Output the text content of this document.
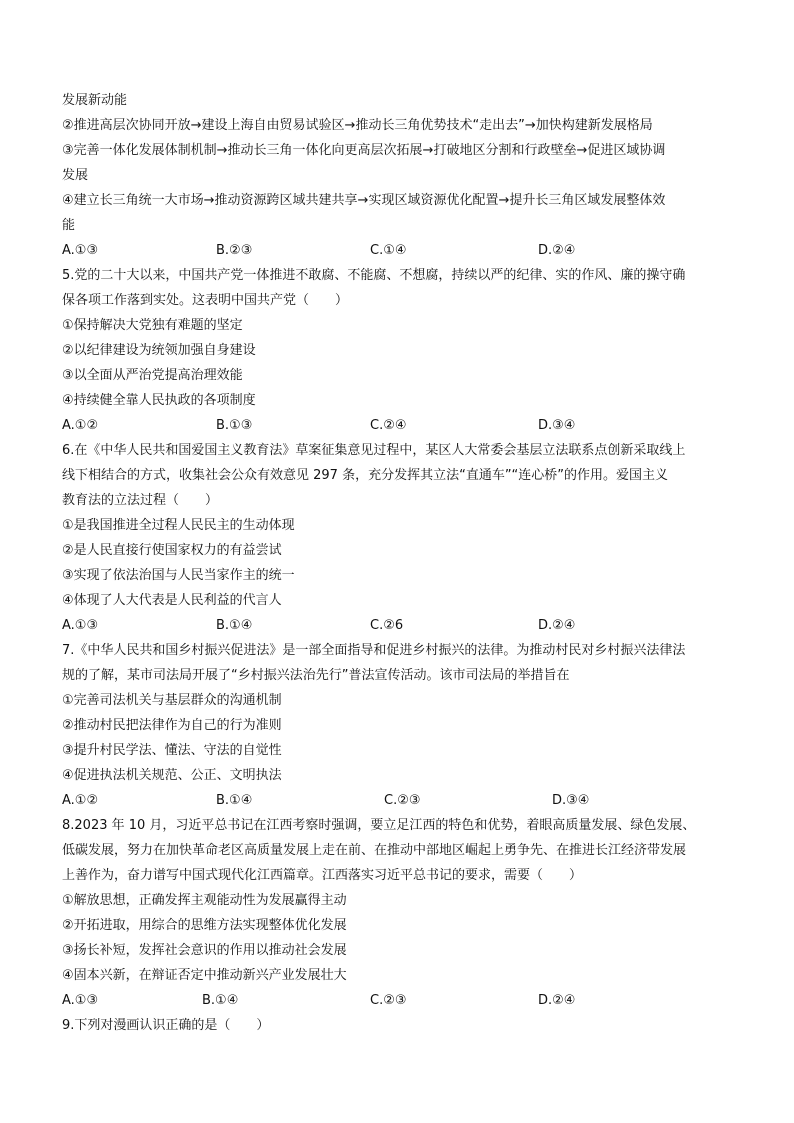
发展新动能
②推进高层次协同开放→建设上海自由贸易试验区→推动长三角优势技术“走出去”→加快构建新发展格局
③完善一体化发展体制机制→推动长三角一体化向更高层次拓展→打破地区分割和行政壁垒→促进区域协调
发展
④建立长三角统一大市场→推动资源跨区域共建共享→实现区域资源优化配置→提升长三角区域发展整体效
能
A.①③	B.②③	C.①④	D.②④
5.党的二十大以来，中国共产党一体推进不敢腐、不能腐、不想腐，持续以严的纪律、实的作风、廉的操守确
保各项工作落到实处。这表明中国共产党（　　）
①保持解决大党独有难题的坚定
②以纪律建设为统领加强自身建设
③以全面从严治党提高治理效能
④持续健全靠人民执政的各项制度
A.①②	B.①③	C.②④	D.③④
6.在《中华人民共和国爱国主义教育法》草案征集意见过程中，某区人大常委会基层立法联系点创新采取线上
线下相结合的方式，收集社会公众有效意见 297 条，充分发挥其立法“直通车”“连心桥”的作用。爱国主义
教育法的立法过程（　　）
①是我国推进全过程人民民主的生动体现
②是人民直接行使国家权力的有益尝试
③实现了依法治国与人民当家作主的统一
④体现了人大代表是人民利益的代言人
A.①③	B.①④	C.②6	D.②④
7.《中华人民共和国乡村振兴促进法》是一部全面指导和促进乡村振兴的法律。为推动村民对乡村振兴法律法
规的了解，某市司法局开展了“乡村振兴法治先行”普法宣传活动。该市司法局的举措旨在
①完善司法机关与基层群众的沟通机制
②推动村民把法律作为自己的行为准则
③提升村民学法、懂法、守法的自觉性
④促进执法机关规范、公正、文明执法
A.①②	B.①④	C.②③	D.③④
8.2023 年 10 月，习近平总书记在江西考察时强调，要立足江西的特色和优势，着眼高质量发展、绿色发展、
低碳发展，努力在加快革命老区高质量发展上走在前、在推动中部地区崛起上勇争先、在推进长江经济带发展
上善作为，奋力谱写中国式现代化江西篇章。江西落实习近平总书记的要求，需要（　　）
①解放思想，正确发挥主观能动性为发展赢得主动
②开拓进取，用综合的思维方法实现整体优化发展
③扬长补短，发挥社会意识的作用以推动社会发展
④固本兴新，在辩证否定中推动新兴产业发展壮大
A.①③	B.①④	C.②③	D.②④
9.下列对漫画认识正确的是（　　）
